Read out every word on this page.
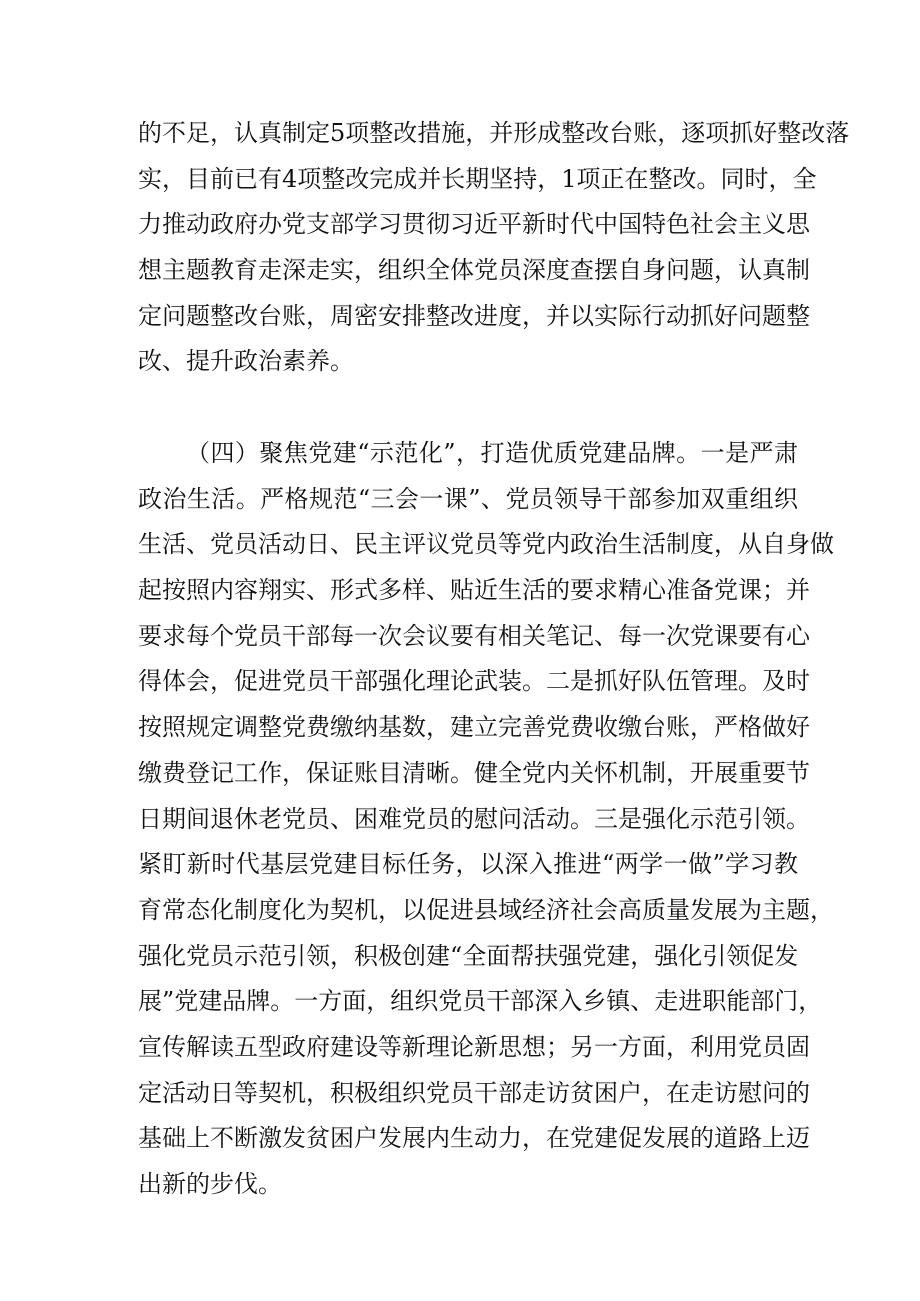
的不足，认真制定5项整改措施，并形成整改台账，逐项抓好整改落
实，目前已有4项整改完成并长期坚持，1项正在整改。同时，全
力推动政府办党支部学习贯彻习近平新时代中国特色社会主义思
想主题教育走深走实，组织全体党员深度查摆自身问题，认真制
定问题整改台账，周密安排整改进度，并以实际行动抓好问题整
改、提升政治素养。
（四）聚焦党建“示范化”，打造优质党建品牌。一是严肃
政治生活。严格规范“三会一课”、党员领导干部参加双重组织
生活、党员活动日、民主评议党员等党内政治生活制度，从自身做
起按照内容翔实、形式多样、贴近生活的要求精心准备党课；并
要求每个党员干部每一次会议要有相关笔记、每一次党课要有心
得体会，促进党员干部强化理论武装。二是抓好队伍管理。及时
按照规定调整党费缴纳基数，建立完善党费收缴台账，严格做好
缴费登记工作，保证账目清晰。健全党内关怀机制，开展重要节
日期间退休老党员、困难党员的慰问活动。三是强化示范引领。
紧盯新时代基层党建目标任务，以深入推进“两学一做”学习教
育常态化制度化为契机，以促进县域经济社会高质量发展为主题，
强化党员示范引领，积极创建“全面帮扶强党建，强化引领促发
展”党建品牌。一方面，组织党员干部深入乡镇、走进职能部门，
宣传解读五型政府建设等新理论新思想；另一方面，利用党员固
定活动日等契机，积极组织党员干部走访贫困户，在走访慰问的
基础上不断激发贫困户发展内生动力，在党建促发展的道路上迈
出新的步伐。
